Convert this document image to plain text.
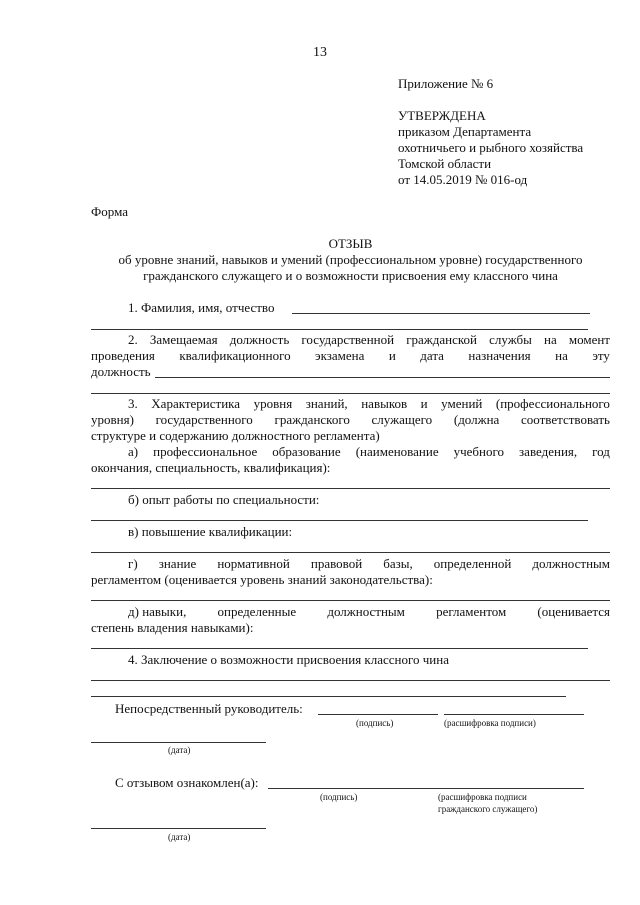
13
Приложение № 6
УТВЕРЖДЕНА
приказом Департамента
охотничьего и рыбного хозяйства
Томской области
от 14.05.2019 № 016-од
Форма
ОТЗЫВ
об уровне знаний, навыков и умений (профессиональном уровне) государственного
гражданского служащего и о возможности присвоения ему классного чина
1. Фамилия, имя, отчество
2. Замещаемая должность государственной гражданской службы на момент
проведения квалификационного экзамена и дата назначения на эту
должность
3. Характеристика уровня знаний, навыков и умений (профессионального
уровня) государственного гражданского служащего (должна соответствовать
структуре и содержанию должностного регламента)
а) профессиональное образование (наименование учебного заведения, год
окончания, специальность, квалификация):
б) опыт работы по специальности:
в) повышение квалификации:
г) знание нормативной правовой базы, определенной должностным
регламентом (оценивается уровень знаний законодательства):
д) навыки, определенные должностным регламентом (оценивается
степень владения навыками):
4. Заключение о возможности присвоения классного чина
Непосредственный руководитель:
(подпись)	(расшифровка подписи)
(дата)
С отзывом ознакомлен(а):
(подпись)	(расшифровка подписи
гражданского служащего)
(дата)
